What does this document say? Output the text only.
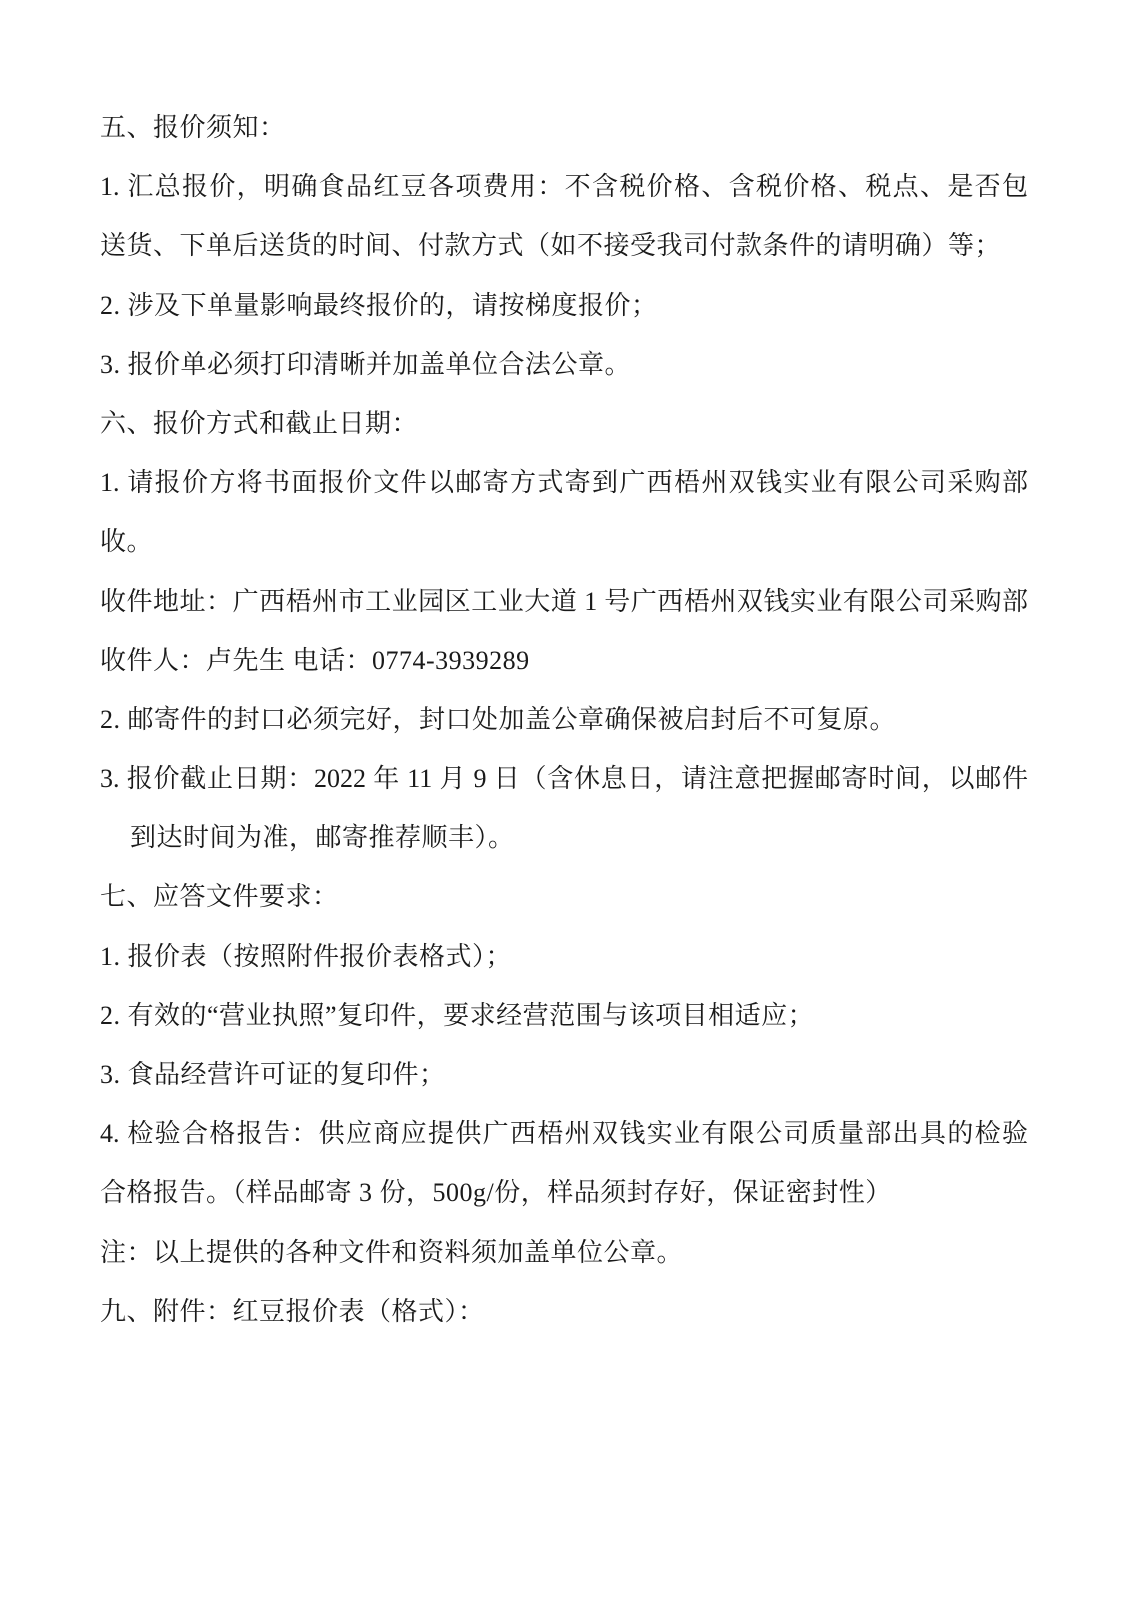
五、报价须知：
1. 汇总报价，明确食品红豆各项费用：不含税价格、含税价格、税点、是否包
送货、下单后送货的时间、付款方式（如不接受我司付款条件的请明确）等；
2. 涉及下单量影响最终报价的，请按梯度报价；
3. 报价单必须打印清晰并加盖单位合法公章。
六、报价方式和截止日期：
1. 请报价方将书面报价文件以邮寄方式寄到广西梧州双钱实业有限公司采购部
收。
收件地址：广西梧州市工业园区工业大道 1 号广西梧州双钱实业有限公司采购部
收件人：卢先生 电话：0774-3939289
2. 邮寄件的封口必须完好，封口处加盖公章确保被启封后不可复原。
3. 报价截止日期：2022 年 11 月 9 日（含休息日，请注意把握邮寄时间，以邮件
到达时间为准，邮寄推荐顺丰）。
七、应答文件要求：
1. 报价表（按照附件报价表格式）；
2. 有效的“营业执照”复印件，要求经营范围与该项目相适应；
3. 食品经营许可证的复印件；
4. 检验合格报告：供应商应提供广西梧州双钱实业有限公司质量部出具的检验
合格报告。（样品邮寄 3 份，500g/份，样品须封存好，保证密封性）
注：以上提供的各种文件和资料须加盖单位公章。
九、附件：红豆报价表（格式）：
